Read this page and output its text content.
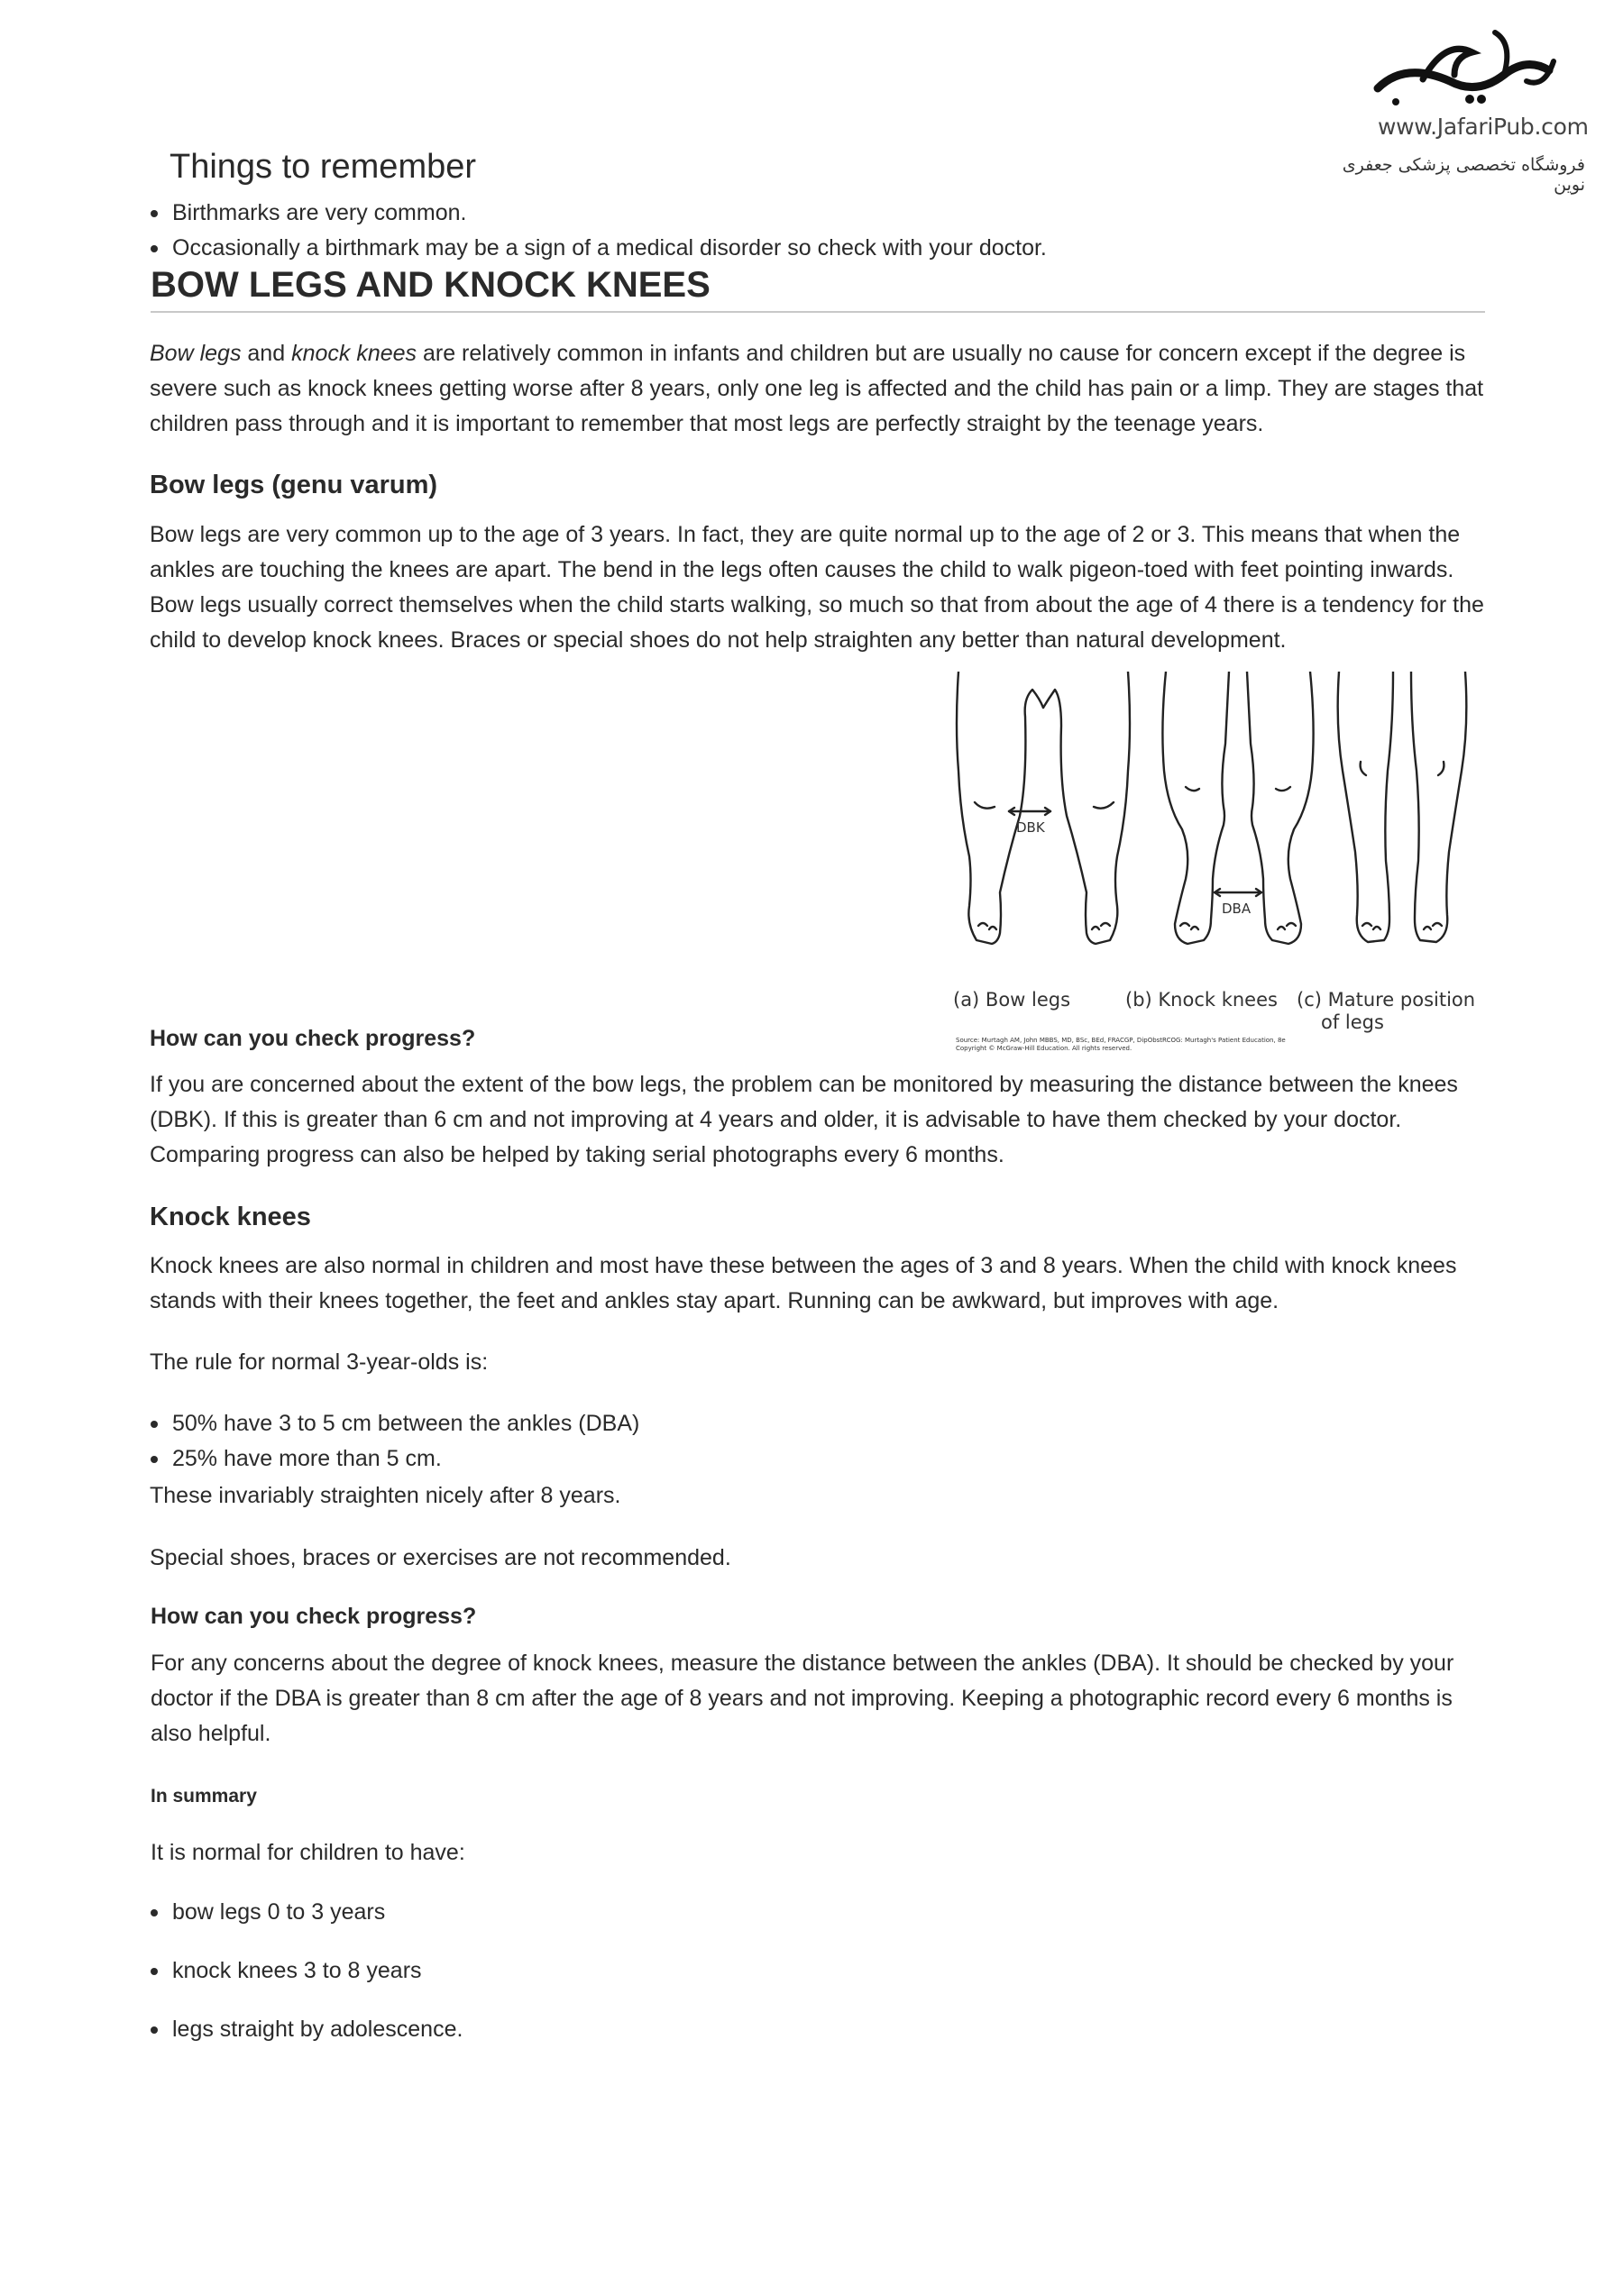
www.JafariPub.com
فروشگاه تخصصی پزشکی جعفری نوین
Things to remember
Birthmarks are very common.
Occasionally a birthmark may be a sign of a medical disorder so check with your doctor.
BOW LEGS AND KNOCK KNEES

Bow legs and knock knees are relatively common in infants and children but are usually no cause for concern except if the degree is severe such as knock knees getting worse after 8 years, only one leg is affected and the child has pain or a limp. They are stages that children pass through and it is important to remember that most legs are perfectly straight by the teenage years.

Bow legs (genu varum)

Bow legs are very common up to the age of 3 years. In fact, they are quite normal up to the age of 2 or 3. This means that when the ankles are touching the knees are apart. The bend in the legs often causes the child to walk pigeon-toed with feet pointing inwards. Bow legs usually correct themselves when the child starts walking, so much so that from about the age of 4 there is a tendency for the child to develop knock knees. Braces or special shoes do not help straighten any better than natural development.

DBK
DBA
(a) Bow legs	(b) Knock knees (c) Mature position
of legs
Source: Murtagh AM, John MBBS, MD, BSc, BEd, FRACGP, DipObstRCOG: Murtagh's Patient Education, 8e
Copyright © McGraw-Hill Education. All rights reserved.
How can you check progress?

If you are concerned about the extent of the bow legs, the problem can be monitored by measuring the distance between the knees (DBK). If this is greater than 6 cm and not improving at 4 years and older, it is advisable to have them checked by your doctor. Comparing progress can also be helped by taking serial photographs every 6 months.

Knock knees

Knock knees are also normal in children and most have these between the ages of 3 and 8 years. When the child with knock knees stands with their knees together, the feet and ankles stay apart. Running can be awkward, but improves with age.

The rule for normal 3-year-olds is:

50% have 3 to 5 cm between the ankles (DBA)
25% have more than 5 cm.

These invariably straighten nicely after 8 years.

Special shoes, braces or exercises are not recommended.

How can you check progress?

For any concerns about the degree of knock knees, measure the distance between the ankles (DBA). It should be checked by your doctor if the DBA is greater than 8 cm after the age of 8 years and not improving. Keeping a photographic record every 6 months is also helpful.

In summary

It is normal for children to have:

bow legs 0 to 3 years
knock knees 3 to 8 years
legs straight by adolescence.
